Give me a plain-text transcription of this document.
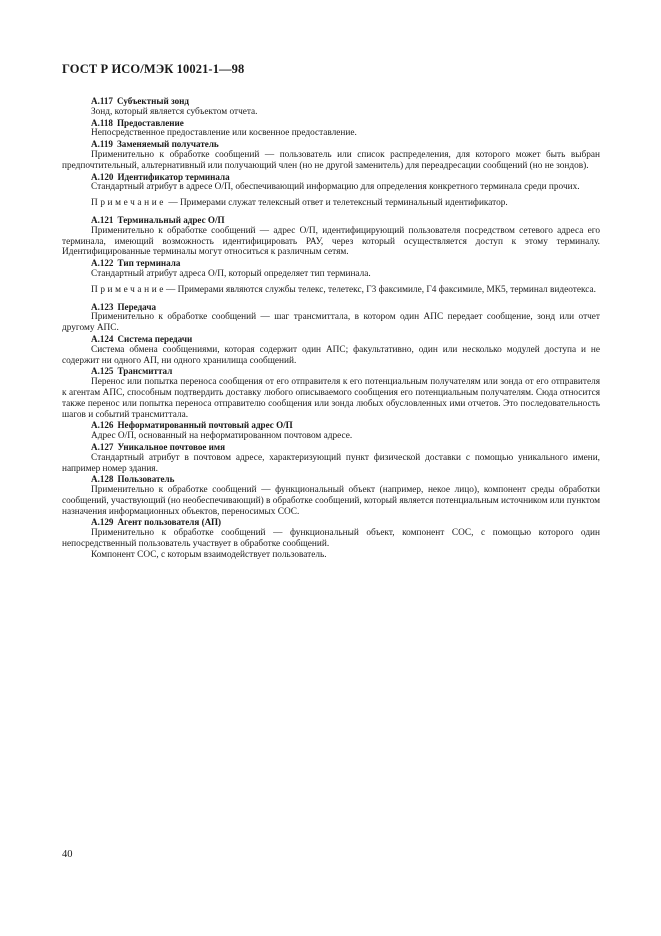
ГОСТ Р ИСО/МЭК 10021-1—98
A.117 Субъектный зонд
Зонд, который является субъектом отчета.
A.118 Предоставление
Непосредственное предоставление или косвенное предоставление.
A.119 Заменяемый получатель
Применительно к обработке сообщений — пользователь или список распределения, для которого может быть выбран предпочтительный, альтернативный или получающий член (но не другой заменитель) для переадресации сообщений (но не зондов).
A.120 Идентификатор терминала
Стандартный атрибут в адресе О/П, обеспечивающий информацию для определения конкретного терминала среди прочих.
Примечание — Примерами служат телексный ответ и телетексный терминальный идентификатор.
A.121 Терминальный адрес О/П
Применительно к обработке сообщений — адрес О/П, идентифицирующий пользователя посредством сетевого адреса его терминала, имеющий возможность идентифицировать РАУ, через который осуществляется доступ к этому терминалу. Идентифицированные терминалы могут относиться к различным сетям.
A.122 Тип терминала
Стандартный атрибут адреса О/П, который определяет тип терминала.
Примечание— Примерами являются службы телекс, телетекс, Г3 факсимиле, Г4 факсимиле, МК5, терминал видеотекса.
A.123 Передача
Применительно к обработке сообщений — шаг трансмиттала, в котором один АПС передает сообщение, зонд или отчет другому АПС.
A.124 Система передачи
Система обмена сообщениями, которая содержит один АПС; факультативно, один или несколько модулей доступа и не содержит ни одного АП, ни одного хранилища сообщений.
A.125 Трансмиттал
Перенос или попытка переноса сообщения от его отправителя к его потенциальным получателям или зонда от его отправителя к агентам АПС, способным подтвердить доставку любого описываемого сообщения его потенциальным получателям. Сюда относится также перенос или попытка переноса отправителю сообщения или зонда любых обусловленных ими отчетов. Это последовательность шагов и событий трансмиттала.
A.126 Неформатированный почтовый адрес О/П
Адрес О/П, основанный на неформатированном почтовом адресе.
A.127 Уникальное почтовое имя
Стандартный атрибут в почтовом адресе, характеризующий пункт физической доставки с помощью уникального имени, например номер здания.
A.128 Пользователь
Применительно к обработке сообщений — функциональный объект (например, некое лицо), компонент среды обработки сообщений, участвующий (но необеспечивающий) в обработке сообщений, который является потенциальным источником или пунктом назначения информационных объектов, переносимых СОС.
A.129 Агент пользователя (АП)
Применительно к обработке сообщений — функциональный объект, компонент СОС, с помощью которого один непосредственный пользователь участвует в обработке сообщений.
Компонент СОС, с которым взаимодействует пользователь.
40
